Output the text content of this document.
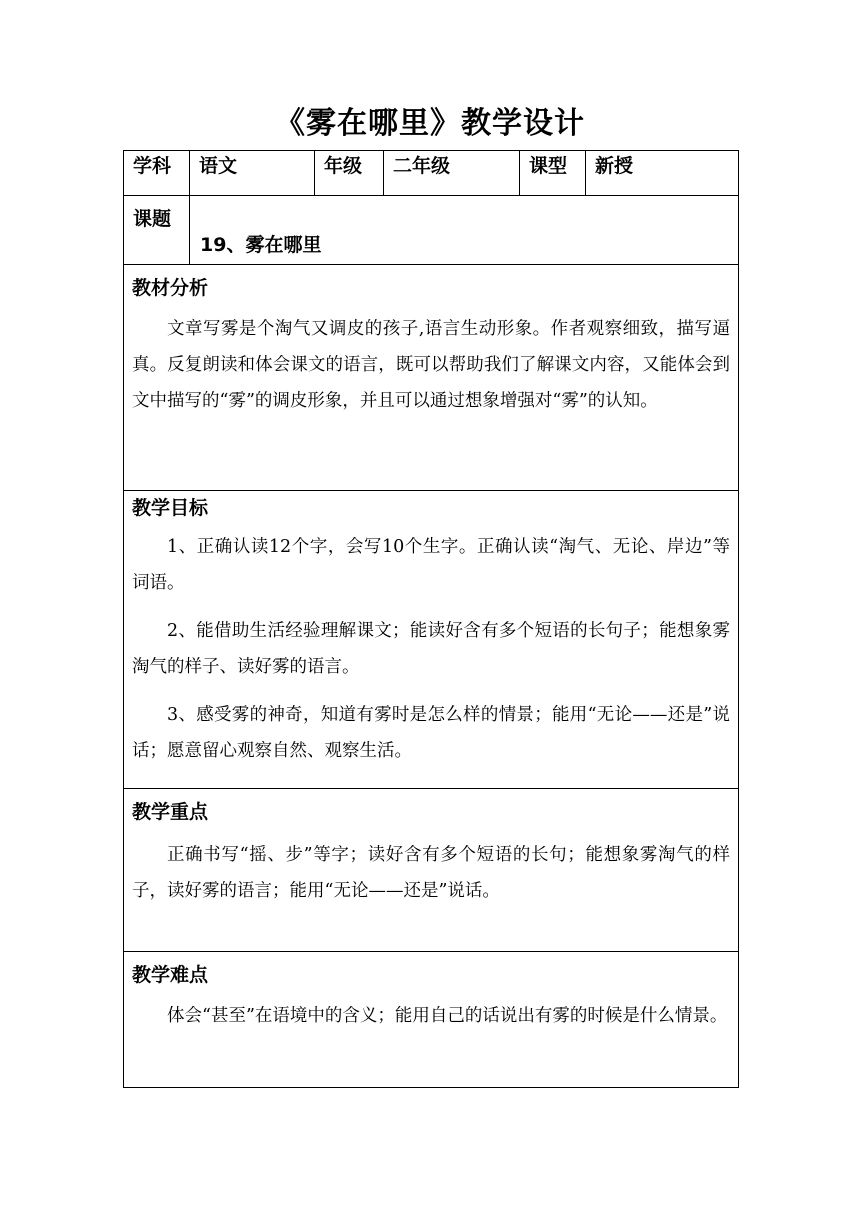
《雾在哪里》教学设计
学科	语文	年级	二年级	课型	新授
课题	19、雾在哪里				

教材分析

文章写雾是个淘气又调皮的孩子,语言生动形象。作者观察细致，描写逼真。反复朗读和体会课文的语言，既可以帮助我们了解课文内容，又能体会到文中描写的“雾”的调皮形象，并且可以通过想象增强对“雾”的认知。					

教学目标

1、正确认读12个字，会写10个生字。正确认读“淘气、无论、岸边”等词语。

2、能借助生活经验理解课文；能读好含有多个短语的长句子；能想象雾淘气的样子、读好雾的语言。

3、感受雾的神奇，知道有雾时是怎么样的情景；能用“无论——还是”说话；愿意留心观察自然、观察生活。					

教学重点

正确书写“摇、步”等字；读好含有多个短语的长句；能想象雾淘气的样子，读好雾的语言；能用“无论——还是”说话。					

教学难点

体会“甚至”在语境中的含义；能用自己的话说出有雾的时候是什么情景。					
